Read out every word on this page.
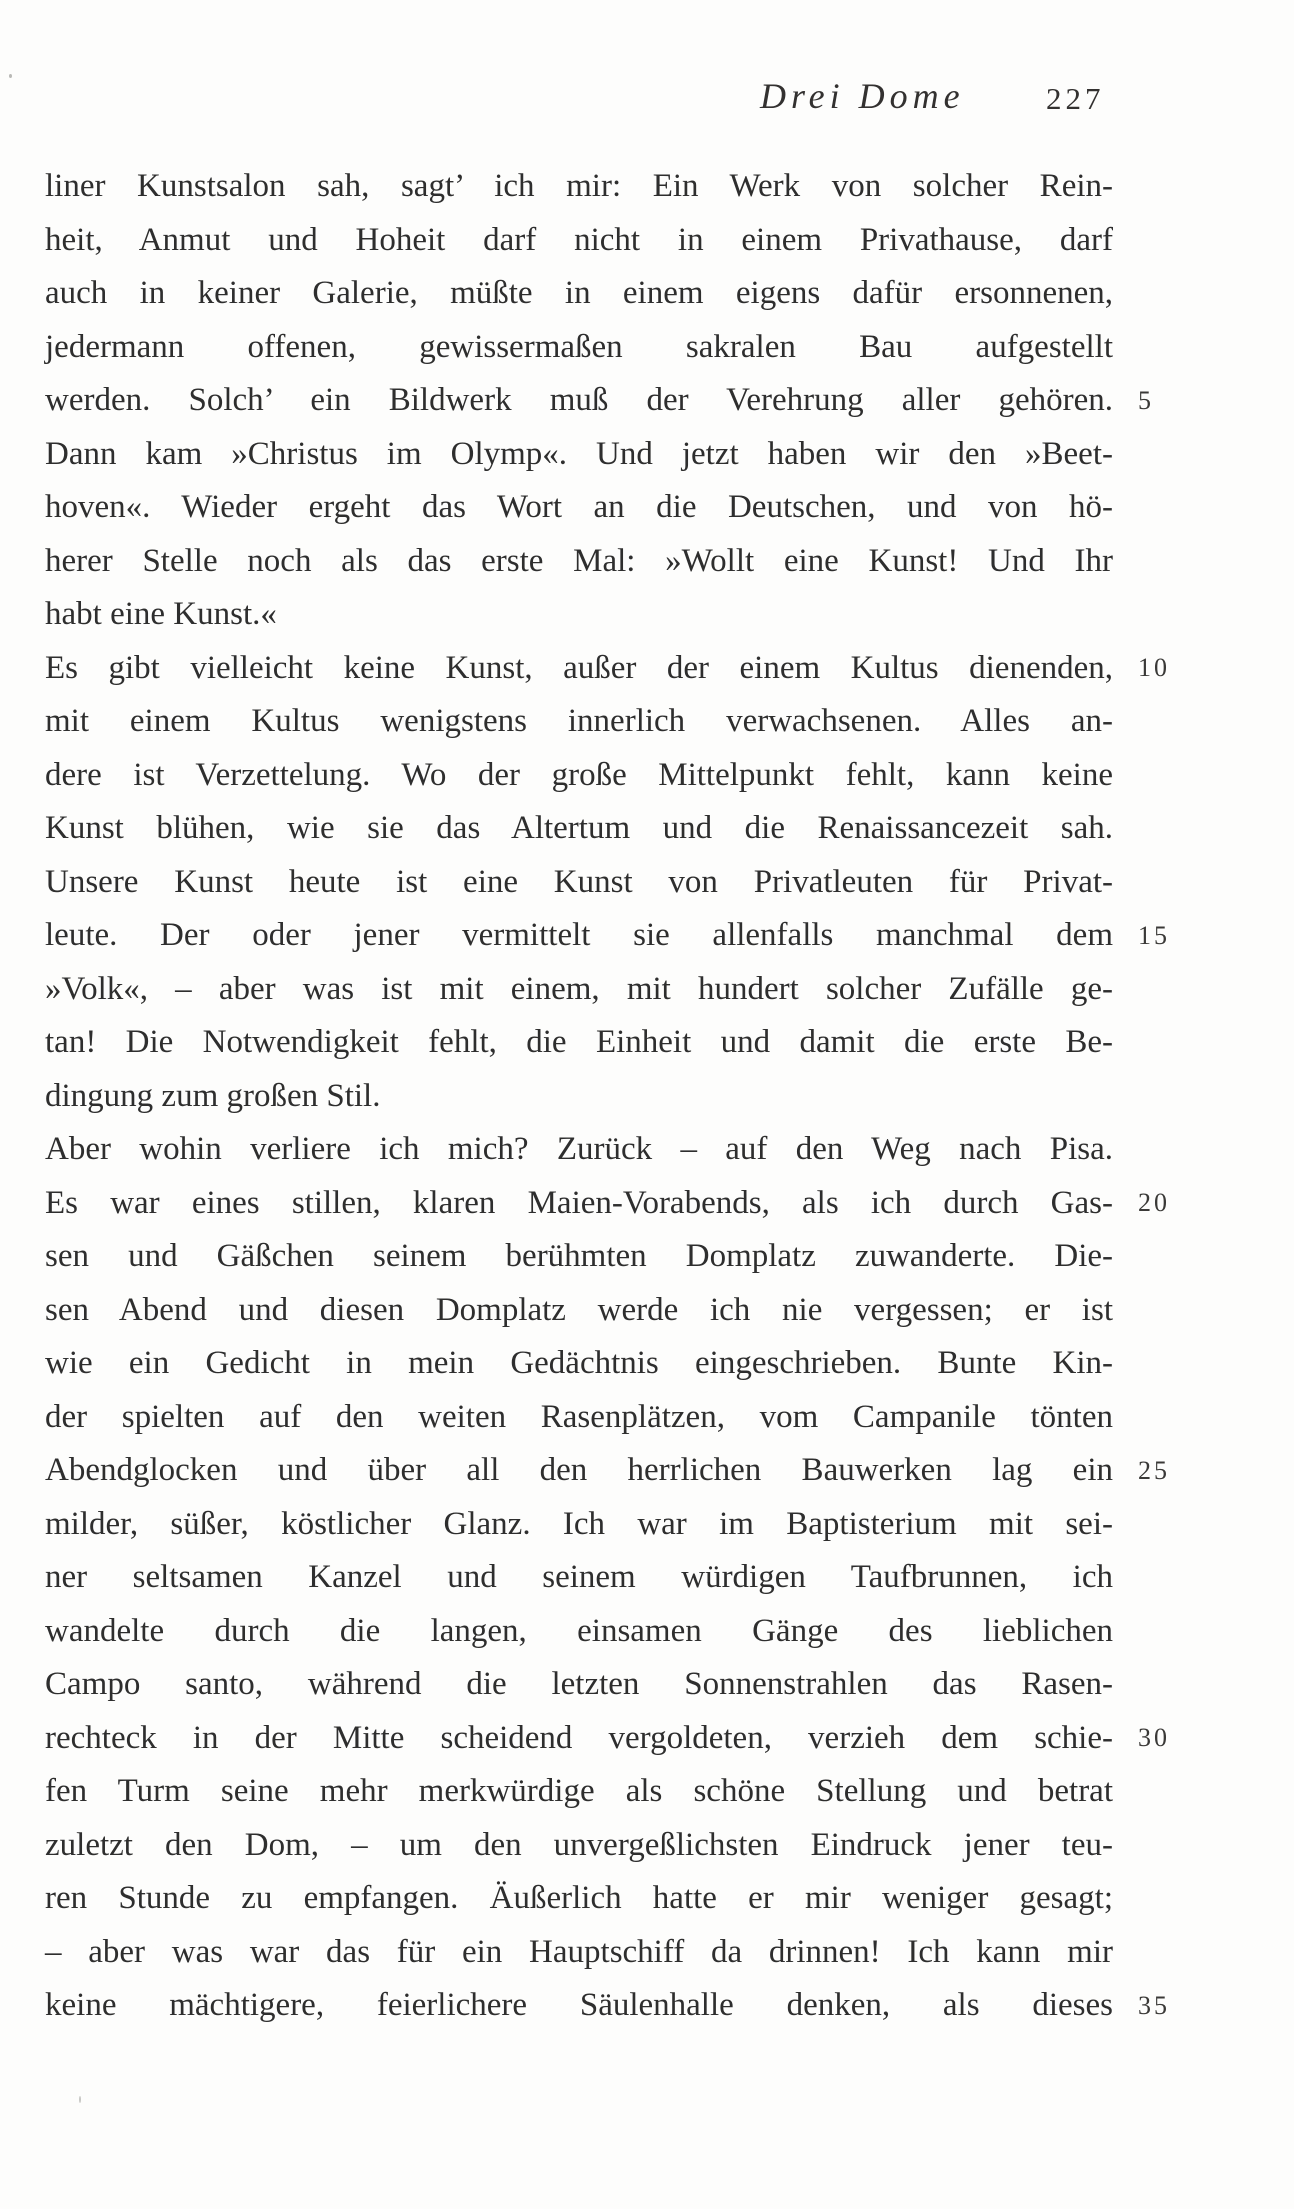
Drei Dome	227
liner Kunstsalon sah, sagt’ ich mir: Ein Werk von solcher Rein-
heit, Anmut und Hoheit darf nicht in einem Privathause, darf
auch in keiner Galerie, müßte in einem eigens dafür ersonnenen,
jedermann offenen, gewissermaßen sakralen Bau aufgestellt
werden. Solch’ ein Bildwerk muß der Verehrung aller gehören.
Dann kam »Christus im Olymp«. Und jetzt haben wir den »Beet-
hoven«. Wieder ergeht das Wort an die Deutschen, und von hö-
herer Stelle noch als das erste Mal: »Wollt eine Kunst! Und Ihr
habt eine Kunst.«
Es gibt vielleicht keine Kunst, außer der einem Kultus dienenden,
mit einem Kultus wenigstens innerlich verwachsenen. Alles an-
dere ist Verzettelung. Wo der große Mittelpunkt fehlt, kann keine
Kunst blühen, wie sie das Altertum und die Renaissancezeit sah.
Unsere Kunst heute ist eine Kunst von Privatleuten für Privat-
leute. Der oder jener vermittelt sie allenfalls manchmal dem
»Volk«, – aber was ist mit einem, mit hundert solcher Zufälle ge-
tan! Die Notwendigkeit fehlt, die Einheit und damit die erste Be-
dingung zum großen Stil.
Aber wohin verliere ich mich? Zurück – auf den Weg nach Pisa.
Es war eines stillen, klaren Maien-Vorabends, als ich durch Gas-
sen und Gäßchen seinem berühmten Domplatz zuwanderte. Die-
sen Abend und diesen Domplatz werde ich nie vergessen; er ist
wie ein Gedicht in mein Gedächtnis eingeschrieben. Bunte Kin-
der spielten auf den weiten Rasenplätzen, vom Campanile tönten
Abendglocken und über all den herrlichen Bauwerken lag ein
milder, süßer, köstlicher Glanz. Ich war im Baptisterium mit sei-
ner seltsamen Kanzel und seinem würdigen Taufbrunnen, ich
wandelte durch die langen, einsamen Gänge des lieblichen
Campo santo, während die letzten Sonnenstrahlen das Rasen-
rechteck in der Mitte scheidend vergoldeten, verzieh dem schie-
fen Turm seine mehr merkwürdige als schöne Stellung und betrat
zuletzt den Dom, – um den unvergeßlichsten Eindruck jener teu-
ren Stunde zu empfangen. Äußerlich hatte er mir weniger gesagt;
– aber was war das für ein Hauptschiff da drinnen! Ich kann mir
keine mächtigere, feierlichere Säulenhalle denken, als dieses
5
10
15
20
25
30
35
